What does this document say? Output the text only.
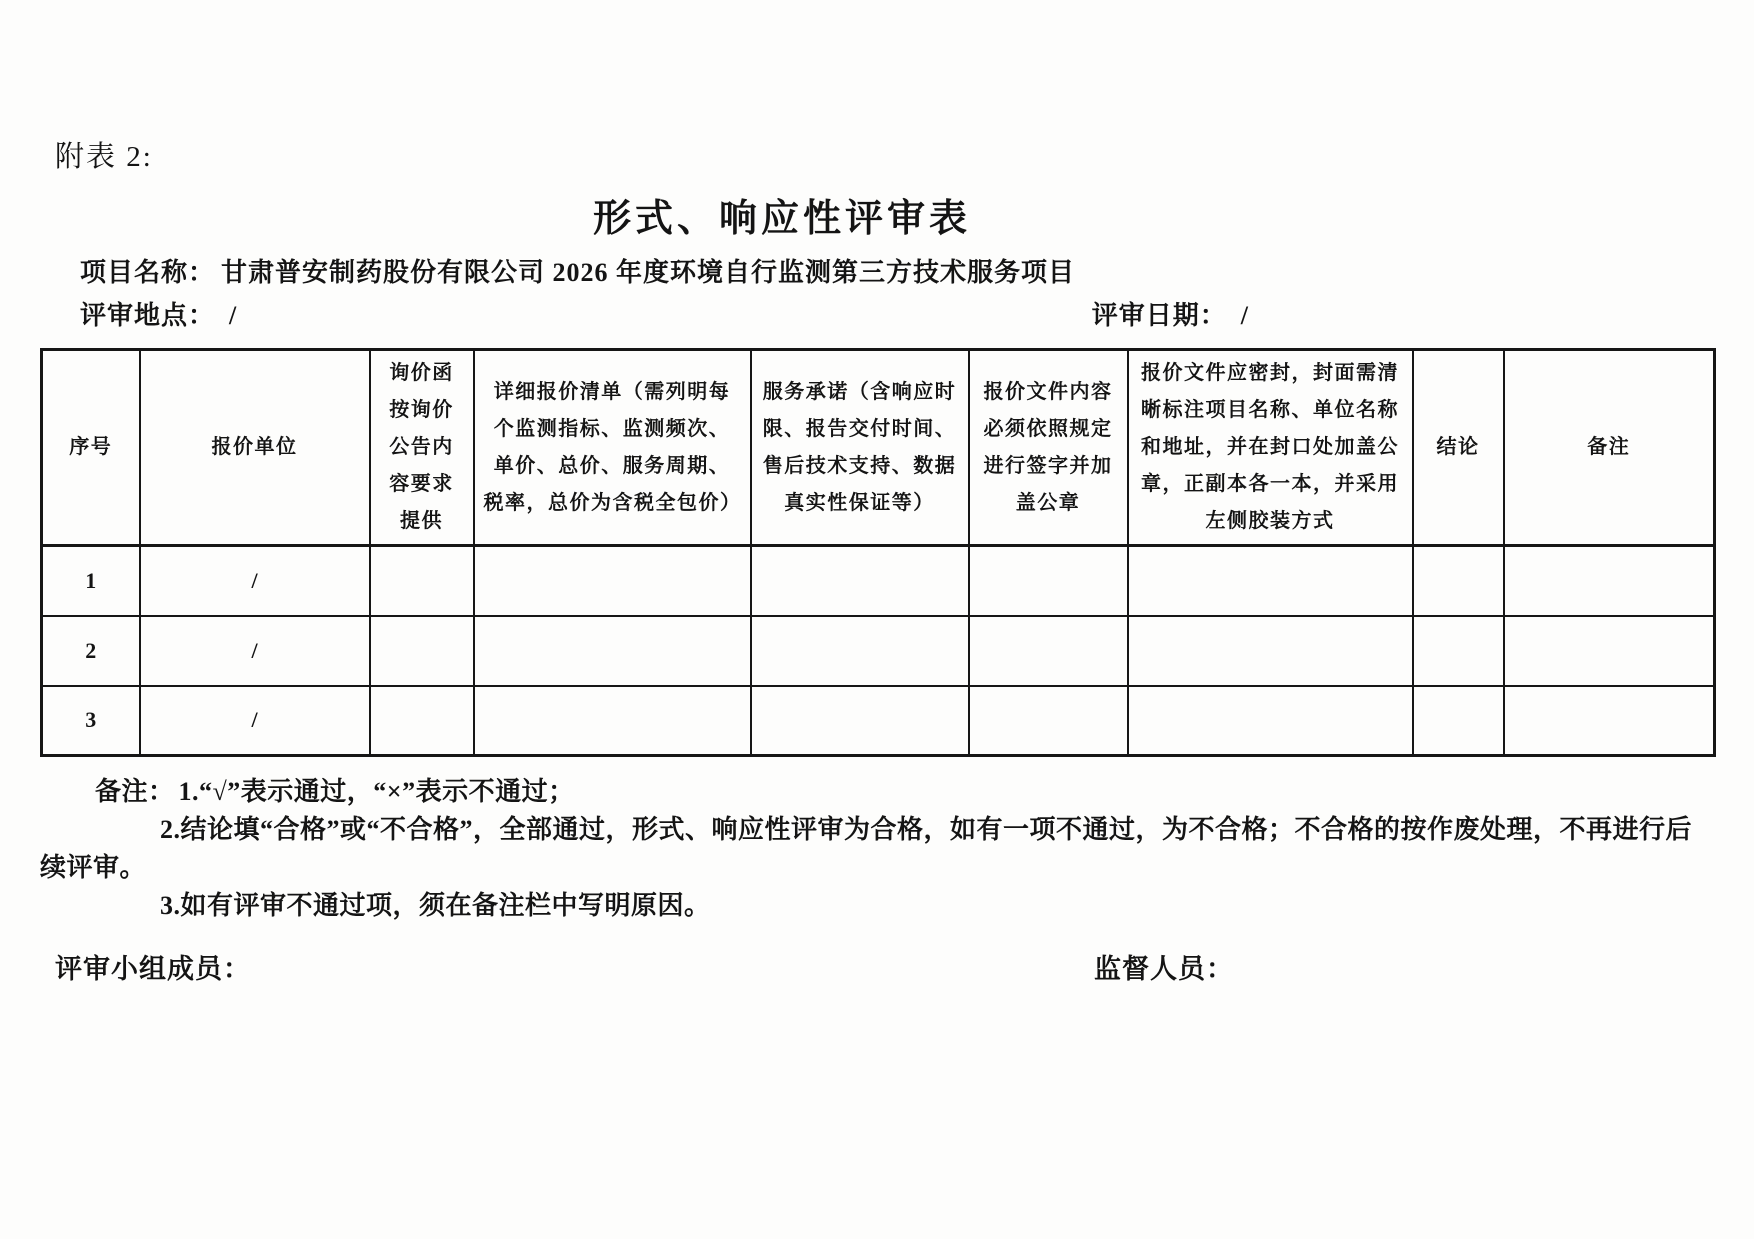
附表 2:
形式、响应性评审表
项目名称： 甘肃普安制药股份有限公司 2026 年度环境自行监测第三方技术服务项目
评审地点： /	评审日期： /
序号	报价单位	询价函按询价公告内容要求提供	详细报价清单（需列明每个监测指标、监测频次、单价、总价、服务周期、税率，总价为含税全包价）	服务承诺（含响应时限、报告交付时间、售后技术支持、数据真实性保证等）	报价文件内容必须依照规定进行签字并加盖公章	报价文件应密封，封面需清晰标注项目名称、单位名称和地址，并在封口处加盖公章，正副本各一本，并采用左侧胶装方式	结论	备注
1	/							
2	/							
3	/							
备注： 1.“√”表示通过，“×”表示不通过；

2.结论填“合格”或“不合格”，全部通过，形式、响应性评审为合格，如有一项不通过，为不合格；不合格的按作废处理，不再进行后续评审。

3.如有评审不通过项，须在备注栏中写明原因。
评审小组成员：	监督人员：
